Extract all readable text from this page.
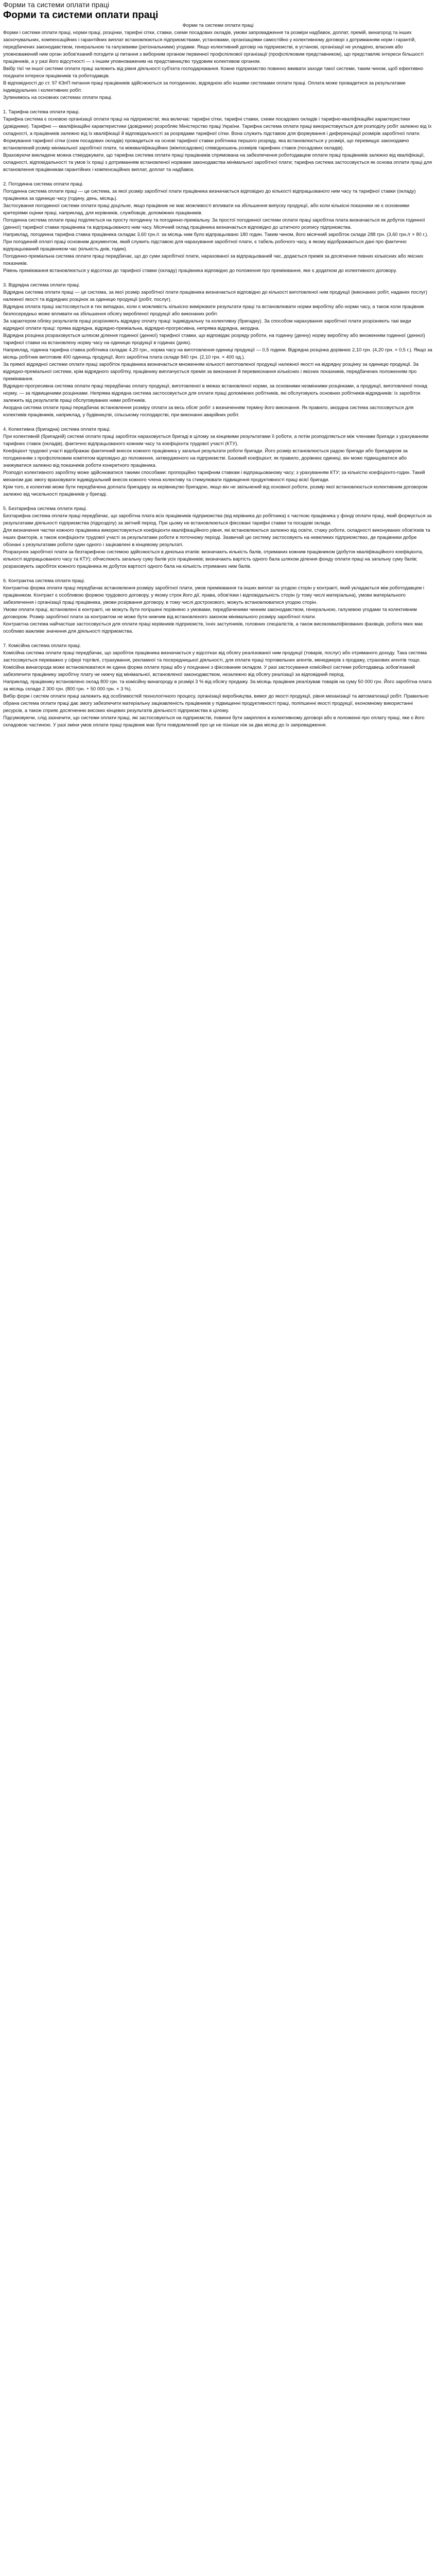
Форми та системи оплати праці
Форми та системи оплати праці

Форми та системи оплати праці

Форми і системи оплати праці, норми праці, розцінки, тарифні сітки, ставки, схеми посадових окладів, умови запровадження та розміри надбавок, доплат, премій, винагород та інших заохочувальних, компенсаційних і гарантійних виплат встановлюються підприємствами, установами, організаціями самостійно у колективному договорі з дотриманням норм і гарантій, передбачених законодавством, генеральною та галузевими (регіональними) угодами. Якщо колективний договір на підприємстві, в установі, організації не укладено, власник або уповноважений ним орган зобов'язаний погодити ці питання з виборним органом первинної профспілкової організації (профспілковим представником), що представляє інтереси більшості працівників, а у разі його відсутності — з іншим уповноваженим на представництво трудовим колективом органом.

Ввібр тієї чи іншої системи оплати праці залежить від рівня діяльності суб'єкта господарювання. Кожне підприємство повинно вживати заходи такої системи, таким чином, щоб ефективно поєднати інтереси працівників та роботодавців.

В відповідності до ст. 97 КЗпП питання праці працівників здійснюються за погодинною, відрядною або іншими системами оплати праці. Оплата може провадитися за результатами індивідуальних і колективних робіт.

Зупинимось на основних системах оплати праці.

1. Тарифна система оплати праці.

Тарифна система є основою організації оплати праці на підприємстві; яка включає: тарифні сітки, тарифні ставки, схеми посадових окладів і тарифно-кваліфікаційні характеристики (довідники). Тарифно — кваліфікаційні характеристики (довідники) розробляє Міністерство праці України. Тарифна система оплати праці використовується для розподілу робіт залежно від їх складності, а працівників залежно від їх кваліфікації й відповідальності за розрядами тарифної сітки. Вона служить підставою для формування і диференціації розмірів заробітної плати.

Формування тарифної сітки (схем посадових окладів) провадиться на основі тарифної ставки робітника першого розряду, яка встановлюється у розмірі, що перевищує законодавчо встановлений розмір мінімальної заробітної плати, та міжкваліфікаційних (міжпосадових) співвідношень розмірів тарифних ставок (посадових окладів).

Враховуючи викладене можна стверджувати, що тарифна система оплати праці працівників спрямована на забезпечення роботодавцем оплати праці працівників залежно від кваліфікації, складності, відповідальності та умов їх праці з дотриманням встановленої нормами законодавства мінімальної заробітної плати; тарифна система застосовується як основа оплати праці для встановлення працівникам гарантійних і компенсаційних виплат, доплат та надбавок.

2. Погодинна система оплати праці.

Погодинна система оплати праці — це система, за якої розмір заробітної плати працівника визначається відповідно до кількості відпрацьованого ним часу та тарифної ставки (окладу) працівника за одиницю часу (годину, день, місяць).

Застосування погодинної системи оплати праці доцільне, якщо працівник не має можливості впливати на збільшення випуску продукції, або коли кількісні показники не є основними критеріями оцінки праці, наприклад, для керівників, службовців, допоміжних працівників.

Погодинна система оплати праці поділяється на просту погодинну та погодинно-преміальну. За простої погодинної системи оплати праці заробітна плата визначається як добуток годинної (денної) тарифної ставки працівника та відпрацьованого ним часу. Місячний оклад працівника визначається відповідно до штатного розпису підприємства.

Наприклад, погодинна тарифна ставка працівника складає 3,60 грн./г. за місяць ним було відпрацьовано 180 годин. Таким чином, його місячний заробіток складе 288 грн. (3,60 грн./г × 80 г.).

При погодинній оплаті праці основним документом, який служить підставою для нарахування заробітної плати, є табель робочого часу, в якому відображаються дані про фактично відпрацьований працівником час (кількість днів, годин).

Погодинно-преміальна система оплати праці передбачає, що до суми заробітної плати, нарахованої за відпрацьований час, додається премія за досягнення певних кількісних або якісних показників.

Рівень преміювання встановлюється у відсотках до тарифної ставки (окладу) працівника відповідно до положення про преміювання, яке є додатком до колективного договору.

3. Відрядна система оплати праці.

Відрядна система оплати праці — це система, за якої розмір заробітної плати працівника визначається відповідно до кількості виготовленої ним продукції (виконаних робіт, наданих послуг) належної якості та відрядних розцінок за одиницю продукції (робіт, послуг).

Відрядна оплата праці застосовується в тих випадках, коли є можливість кількісно вимірювати результати праці та встановлювати норми виробітку або норми часу, а також коли працівник безпосередньо може впливати на збільшення обсягу виробленої продукції або виконаних робіт.

За характером обліку результатів праці розрізняють відрядну оплату праці: індивідуальну та колективну (бригадну). За способом нарахування заробітної плати розрізняють такі види відрядної оплати праці: пряма відрядна, відрядно-преміальна, відрядно-прогресивна, непряма відрядна, акордна.

Відрядна розцінка розраховується шляхом ділення годинної (денної) тарифної ставки, що відповідає розряду роботи, на годинну (денну) норму виробітку або множенням годинної (денної) тарифної ставки на встановлену норму часу на одиницю продукції в годинах (днях).

Наприклад, годинна тарифна ставка робітника складає 4,20 грн., норма часу на виготовлення одиниці продукції — 0,5 години. Відрядна розцінка дорівнює 2,10 грн. (4,20 грн. × 0,5 г.). Якщо за місяць робітник виготовив 400 одиниць продукції, його заробітна плата складе 840 грн. (2,10 грн. × 400 од.).

За прямої відрядної системи оплати праці заробіток працівника визначається множенням кількості виготовленої продукції належної якості на відрядну розцінку за одиницю продукції. За відрядно-преміальної системи, крім відрядного заробітку, працівнику виплачується премія за виконання й перевиконання кількісних і якісних показників, передбачених положенням про преміювання.

Відрядно-прогресивна система оплати праці передбачає оплату продукції, виготовленої в межах встановленої норми, за основними незмінними розцінками, а продукції, виготовленої понад норму, — за підвищеними розцінками. Непряма відрядна система застосовується для оплати праці допоміжних робітників, які обслуговують основних робітників-відрядників: їх заробіток залежить від результатів праці обслуговуваних ними робітників.

Акордна система оплати праці передбачає встановлення розміру оплати за весь обсяг робіт з визначенням терміну його виконання. Як правило, акордна система застосовується для колективів працівників, наприклад, у будівництві, сільському господарстві, при виконанні аварійних робіт.

4. Колективна (бригадна) система оплати праці.

При колективній (бригадній) системі оплати праці заробіток нараховується бригаді в цілому за кінцевими результатами її роботи, а потім розподіляється між членами бригади з урахуванням тарифних ставок (окладів), фактично відпрацьованого кожним часу та коефіцієнта трудової участі (КТУ).

Коефіцієнт трудової участі відображає фактичний внесок кожного працівника у загальні результати роботи бригади. Його розмір встановлюється радою бригади або бригадиром за погодженням з профспілковим комітетом відповідно до положення, затвердженого на підприємстві. Базовий коефіцієнт, як правило, дорівнює одиниці, він може підвищуватися або знижуватися залежно від показників роботи конкретного працівника.

Розподіл колективного заробітку може здійснюватися такими способами: пропорційно тарифним ставкам і відпрацьованому часу; з урахуванням КТУ; за кількістю коефіцієнто-годин. Такий механізм дає змогу враховувати індивідуальний внесок кожного члена колективу та стимулювати підвищення продуктивності праці всієї бригади.

Крім того, в колективі може бути передбачена доплата бригадиру за керівництво бригадою, якщо він не звільнений від основної роботи, розмір якої встановлюється колективним договором залежно від чисельності працівників у бригаді.

5. Безтарифна система оплати праці.

Безтарифна система оплати праці передбачає, що заробітна плата всіх працівників підприємства (від керівника до робітника) є часткою працівника у фонді оплати праці, який формується за результатами діяльності підприємства (підрозділу) за звітний період. При цьому не встановлюються фіксовані тарифні ставки та посадові оклади.

Для визначення частки кожного працівника використовуються коефіцієнти кваліфікаційного рівня, які встановлюються залежно від освіти, стажу роботи, складності виконуваних обов'язків та інших факторів, а також коефіцієнти трудової участі за результатами роботи в поточному періоді. Зазвичай цю систему застосовують на невеликих підприємствах, де працівники добре обізнані з результатами роботи один одного і зацікавлені в кінцевому результаті.

Розрахунок заробітної плати за безтарифною системою здійснюється в декілька етапів: визначають кількість балів, отриманих кожним працівником (добуток кваліфікаційного коефіцієнта, кількості відпрацьованого часу та КТУ); обчислюють загальну суму балів усіх працівників; визначають вартість одного бала шляхом ділення фонду оплати праці на загальну суму балів; розраховують заробіток кожного працівника як добуток вартості одного бала на кількість отриманих ним балів.

6. Контрактна система оплати праці.

Контрактна форма оплати праці передбачає встановлення розміру заробітної плати, умов преміювання та інших виплат за угодою сторін у контракті, який укладається між роботодавцем і працівником. Контракт є особливою формою трудового договору, у якому строк його дії, права, обов'язки і відповідальність сторін (у тому числі матеріальна), умови матеріального забезпечення і організації праці працівника, умови розірвання договору, в тому числі дострокового, можуть встановлюватися угодою сторін.

Умови оплати праці, встановлені в контракті, не можуть бути погіршені порівняно з умовами, передбаченими чинним законодавством, генеральною, галузевою угодами та колективним договором. Розмір заробітної плати за контрактом не може бути нижчим від встановленого законом мінімального розміру заробітної плати.

Контрактна система найчастіше застосовується для оплати праці керівників підприємств, їхніх заступників, головних спеціалістів, а також висококваліфікованих фахівців, робота яких має особливо важливе значення для діяльності підприємства.

7. Комісійна система оплати праці.

Комісійна система оплати праці передбачає, що заробіток працівника визначається у відсотках від обсягу реалізованої ним продукції (товарів, послуг) або отриманого доходу. Така система застосовується переважно у сфері торгівлі, страхування, рекламної та посередницької діяльності, для оплати праці торговельних агентів, менеджерів з продажу, страхових агентів тощо.

Комісійна винагорода може встановлюватися як єдина форма оплати праці або у поєднанні з фіксованим окладом. У разі застосування комісійної системи роботодавець зобов'язаний забезпечити працівнику заробітну плату не нижчу від мінімальної, встановленої законодавством, незалежно від обсягу реалізації за відповідний період.

Наприклад, працівнику встановлено оклад 800 грн. та комісійну винагороду в розмірі 3 % від обсягу продажу. За місяць працівник реалізував товарів на суму 50 000 грн. Його заробітна плата за місяць складе 2 300 грн. (800 грн. + 50 000 грн. × 3 %).

Вибір форм і систем оплати праці залежить від особливостей технологічного процесу, організації виробництва, вимог до якості продукції, рівня механізації та автоматизації робіт. Правильно обрана система оплати праці дає змогу забезпечити матеріальну зацікавленість працівників у підвищенні продуктивності праці, поліпшенні якості продукції, економному використанні ресурсів, а також сприяє досягненню високих кінцевих результатів діяльності підприємства в цілому.

Підсумовуючи, слід зазначити, що системи оплати праці, які застосовуються на підприємстві, повинні бути закріплені в колективному договорі або в положенні про оплату праці, яке є його складовою частиною. У разі зміни умов оплати праці працівник має бути повідомлений про це не пізніше ніж за два місяці до їх запровадження.
